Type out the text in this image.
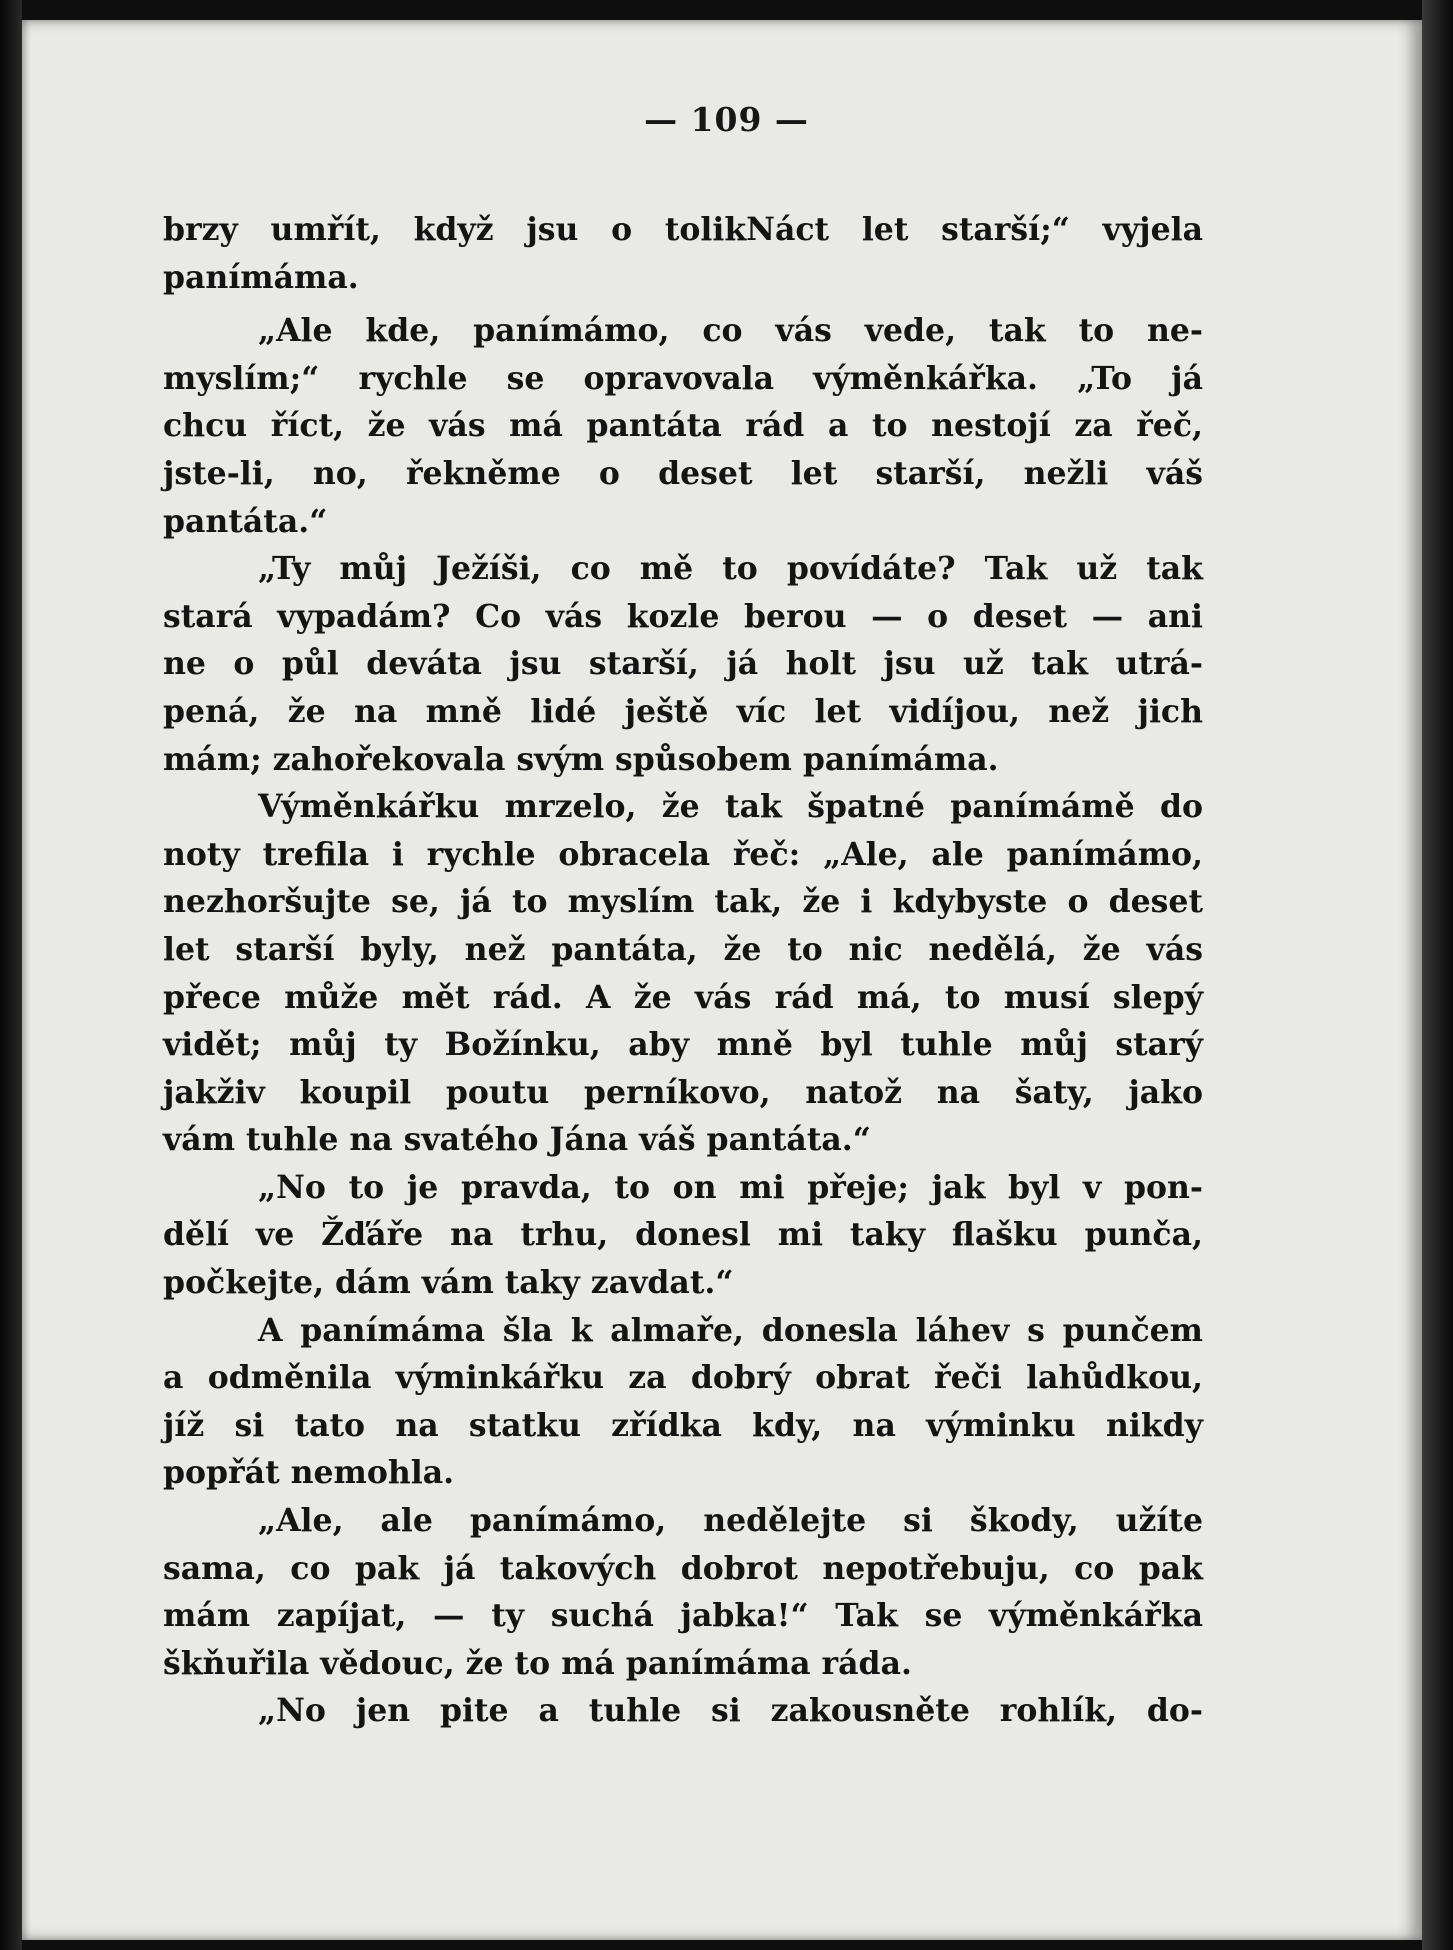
— 109 —
brzy umřít, když jsu o tolikNáct let starší;“ vyjela
panímáma.
„Ale kde, panímámo, co vás vede, tak to ne-
myslím;“ rychle se opravovala výměnkářka. „To já
chcu říct, že vás má pantáta rád a to nestojí za řeč,
jste-li, no, řekněme o deset let starší, nežli váš
pantáta.“
„Ty můj Ježíši, co mě to povídáte? Tak už tak
stará vypadám? Co vás kozle berou — o deset — ani
ne o půl deváta jsu starší, já holt jsu už tak utrá-
pená, že na mně lidé ještě víc let vidíjou, než jich
mám; zahořekovala svým spůsobem panímáma.
Výměnkářku mrzelo, že tak špatné panímámě do
noty trefila i rychle obracela řeč: „Ale, ale panímámo,
nezhoršujte se, já to myslím tak, že i kdybyste o deset
let starší byly, než pantáta, že to nic nedělá, že vás
přece může mět rád. A že vás rád má, to musí slepý
vidět; můj ty Božínku, aby mně byl tuhle můj starý
jakživ koupil poutu perníkovo, natož na šaty, jako
vám tuhle na svatého Jána váš pantáta.“
„No to je pravda, to on mi přeje; jak byl v pon-
dělí ve Žďáře na trhu, donesl mi taky flašku punča,
počkejte, dám vám taky zavdat.“
A panímáma šla k almaře, donesla láhev s punčem
a odměnila výminkářku za dobrý obrat řeči lahůdkou,
jíž si tato na statku zřídka kdy, na výminku nikdy
popřát nemohla.
„Ale, ale panímámo, nedělejte si škody, užíte
sama, co pak já takových dobrot nepotřebuju, co pak
mám zapíjat, — ty suchá jabka!“ Tak se výměnkářka
škňuřila vědouc, že to má panímáma ráda.
„No jen pite a tuhle si zakousněte rohlík, do-
